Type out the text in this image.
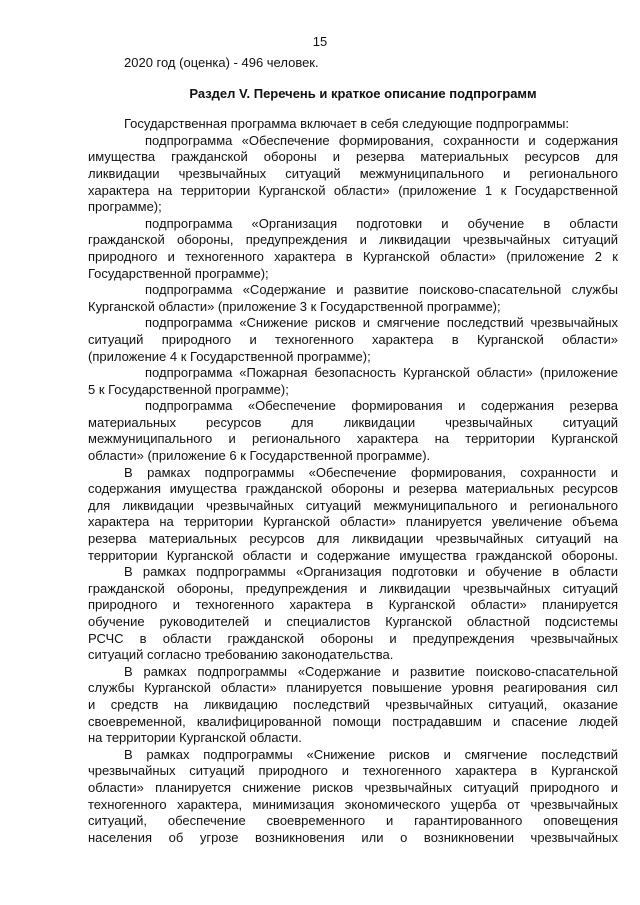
15
2020 год (оценка) - 496 человек.
Раздел V. Перечень и краткое описание подпрограмм
Государственная программа включает в себя следующие подпрограммы:
подпрограмма «Обеспечение формирования, сохранности и содержания
имущества гражданской обороны и резерва материальных ресурсов для
ликвидации чрезвычайных ситуаций межмуниципального и регионального
характера на территории Курганской области» (приложение 1 к Государственной
программе);
подпрограмма «Организация подготовки и обучение в области
гражданской обороны, предупреждения и ликвидации чрезвычайных ситуаций
природного и техногенного характера в Курганской области» (приложение 2 к
Государственной программе);
подпрограмма «Содержание и развитие поисково-спасательной службы
Курганской области» (приложение 3 к Государственной программе);
подпрограмма «Снижение рисков и смягчение последствий чрезвычайных
ситуаций природного и техногенного характера в Курганской области»
(приложение 4 к Государственной программе);
подпрограмма «Пожарная безопасность Курганской области» (приложение
5 к Государственной программе);
подпрограмма «Обеспечение формирования и содержания резерва
материальных ресурсов для ликвидации чрезвычайных ситуаций
межмуниципального и регионального характера на территории Курганской
области» (приложение 6 к Государственной программе).
В рамках подпрограммы «Обеспечение формирования, сохранности и
содержания имущества гражданской обороны и резерва материальных ресурсов
для ликвидации чрезвычайных ситуаций межмуниципального и регионального
характера на территории Курганской области» планируется увеличение объема
резерва материальных ресурсов для ликвидации чрезвычайных ситуаций на
территории Курганской области и содержание имущества гражданской обороны.
В рамках подпрограммы «Организация подготовки и обучение в области
гражданской обороны, предупреждения и ликвидации чрезвычайных ситуаций
природного и техногенного характера в Курганской области» планируется
обучение руководителей и специалистов Курганской областной подсистемы
РСЧС в области гражданской обороны и предупреждения чрезвычайных
ситуаций согласно требованию законодательства.
В рамках подпрограммы «Содержание и развитие поисково-спасательной
службы Курганской области» планируется повышение уровня реагирования сил
и средств на ликвидацию последствий чрезвычайных ситуаций, оказание
своевременной, квалифицированной помощи пострадавшим и спасение людей
на территории Курганской области.
В рамках подпрограммы «Снижение рисков и смягчение последствий
чрезвычайных ситуаций природного и техногенного характера в Курганской
области» планируется снижение рисков чрезвычайных ситуаций природного и
техногенного характера, минимизация экономического ущерба от чрезвычайных
ситуаций, обеспечение своевременного и гарантированного оповещения
населения об угрозе возникновения или о возникновении чрезвычайных
